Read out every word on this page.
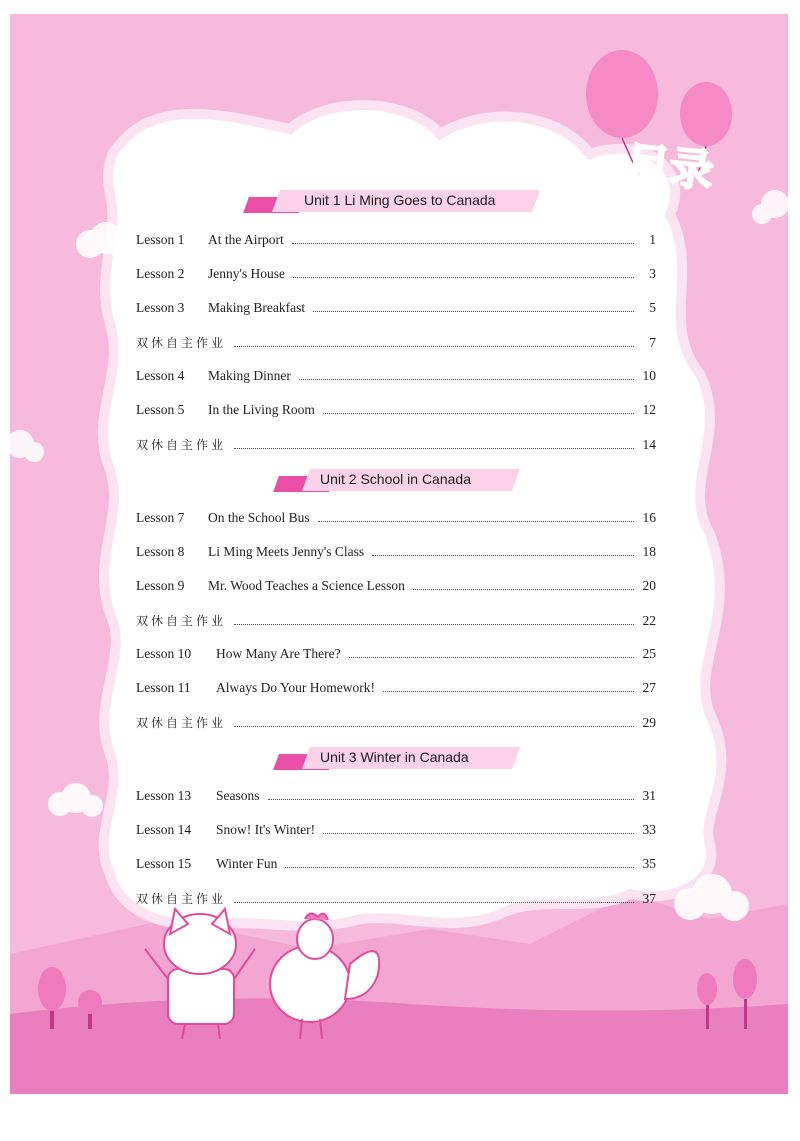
目录
Unit 1 Li Ming Goes to Canada
Lesson 1	At the Airport	1
Lesson 2	Jenny's House	3
Lesson 3	Making Breakfast	5
双休自主作业	7
Lesson 4	Making Dinner	10
Lesson 5	In the Living Room	12
双休自主作业	14
Unit 2 School in Canada
Lesson 7	On the School Bus	16
Lesson 8	Li Ming Meets Jenny's Class	18
Lesson 9	Mr. Wood Teaches a Science Lesson	20
双休自主作业	22
Lesson 10	How Many Are There?	25
Lesson 11	Always Do Your Homework!	27
双休自主作业	29
Unit 3 Winter in Canada
Lesson 13	Seasons	31
Lesson 14	Snow! It's Winter!	33
Lesson 15	Winter Fun	35
双休自主作业	37
